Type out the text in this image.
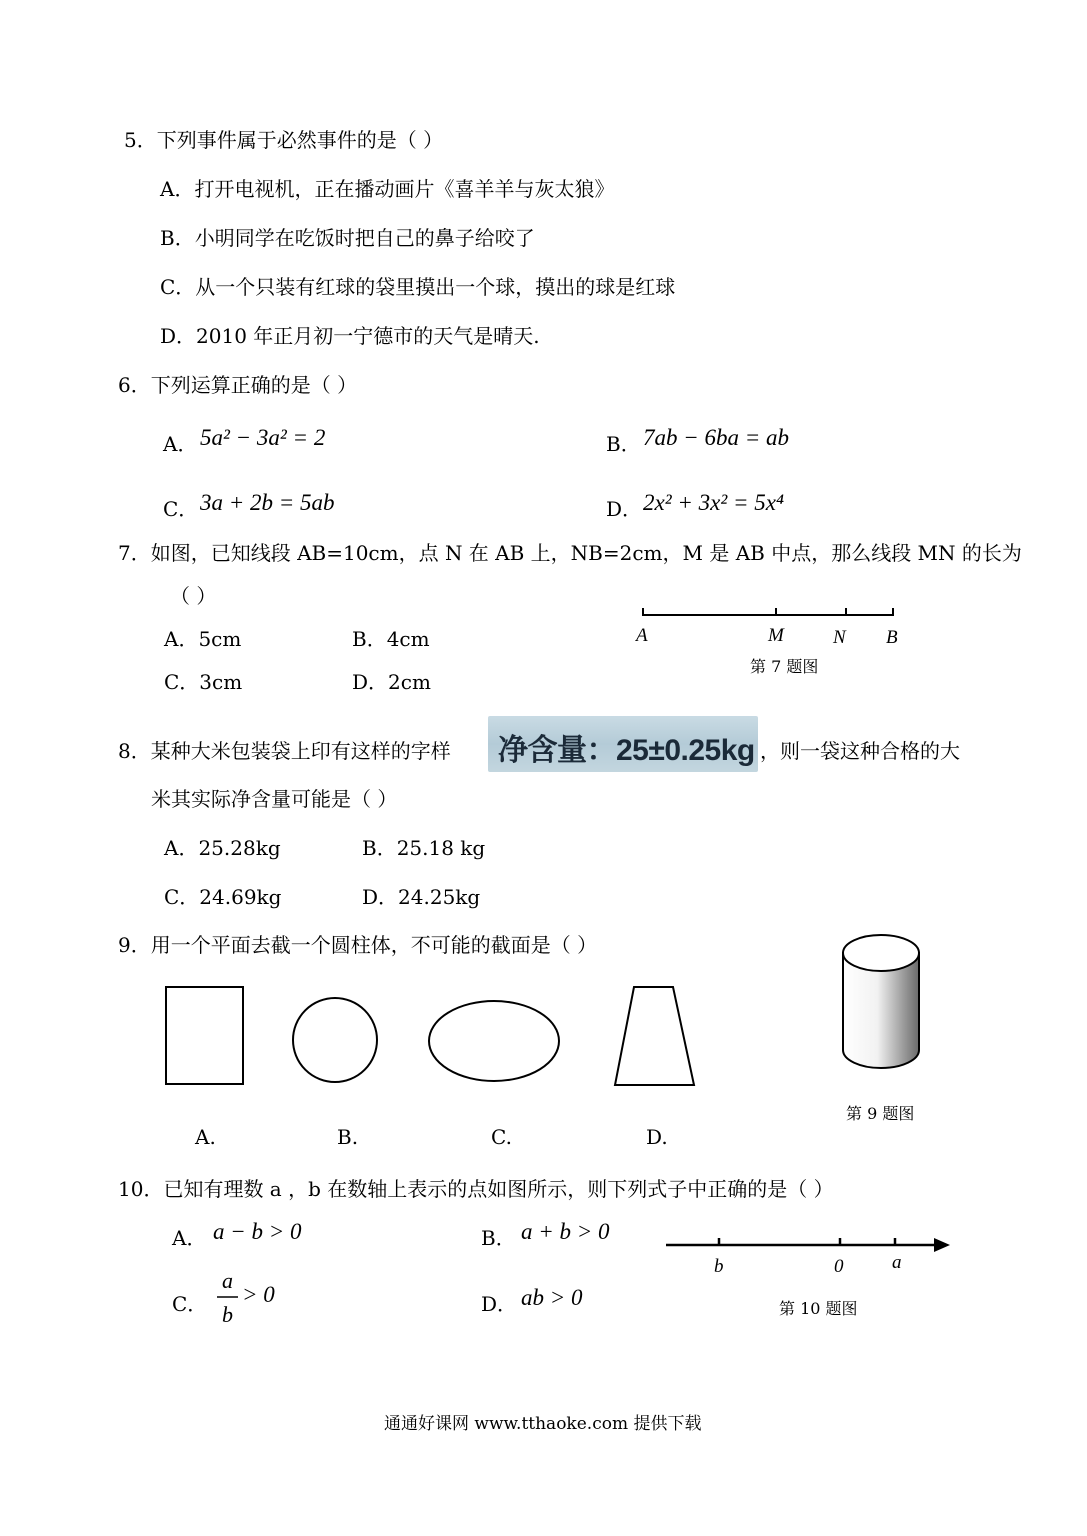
5．下列事件属于必然事件的是（ ）
A．打开电视机，正在播动画片《喜羊羊与灰太狼》
B．小明同学在吃饭时把自己的鼻子给咬了
C．从一个只装有红球的袋里摸出一个球，摸出的球是红球
D．2010 年正月初一宁德市的天气是晴天.
6．下列运算正确的是（ ）
A． 5a² − 3a² = 2	B． 7ab − 6ba = ab
C． 3a + 2b = 5ab	D． 2x² + 3x² = 5x⁴
7．如图，已知线段 AB=10cm，点 N 在 AB 上，NB=2cm，M 是 AB 中点，那么线段 MN 的长为
（ ）
A．5cm	B．4cm
C．3cm	D．2cm
A	M	N B
第 7 题图
8．某种大米包装袋上印有这样的字样 净含量：25±0.25kg ，则一袋这种合格的大
米其实际净含量可能是（ ）
A．25.28kg	B．25.18 kg
C．24.69kg	D．24.25kg
9．用一个平面去截一个圆柱体，不可能的截面是（ ）
A.	B.	C.	D.
第 9 题图
10．已知有理数 a ，b 在数轴上表示的点如图所示，则下列式子中正确的是（ ）
A． a − b > 0	B． a + b > 0
C．
a
b
> 0	D． ab > 0
b	0	a
第 10 题图
通通好课网 www.tthaoke.com 提供下载
